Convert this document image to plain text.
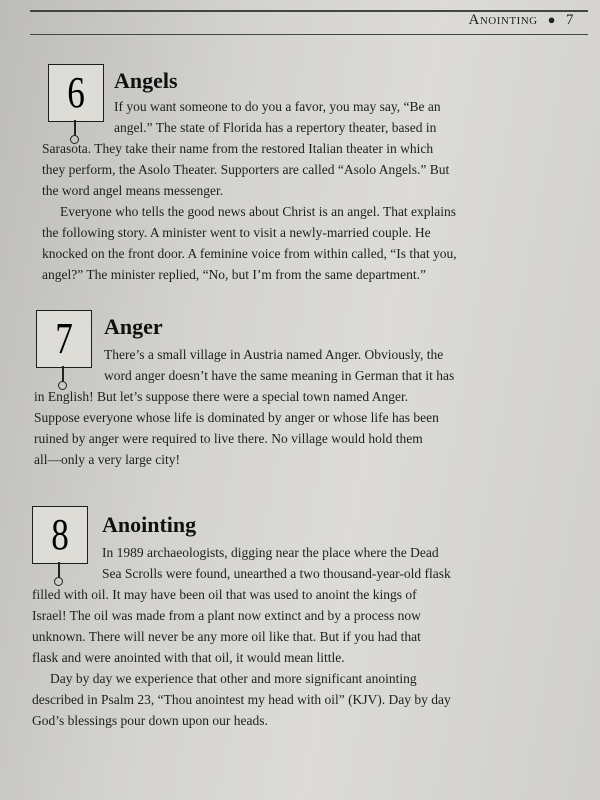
Anointing ● 7
6	Angels

If you want someone to do you a favor, you may say, “Be an

angel.” The state of Florida has a repertory theater, based in

Sarasota. They take their name from the restored Italian theater in which

they perform, the Asolo Theater. Supporters are called “Asolo Angels.” But

the word angel means messenger.

Everyone who tells the good news about Christ is an angel. That explains

the following story. A minister went to visit a newly-married couple. He

knocked on the front door. A feminine voice from within called, “Is that you,

angel?” The minister replied, “No, but I’m from the same department.”

7	Anger

There’s a small village in Austria named Anger. Obviously, the

word anger doesn’t have the same meaning in German that it has

in English! But let’s suppose there were a special town named Anger.

Suppose everyone whose life is dominated by anger or whose life has been

ruined by anger were required to live there. No village would hold them

all—only a very large city!

8	Anointing

In 1989 archaeologists, digging near the place where the Dead

Sea Scrolls were found, unearthed a two thousand-year-old flask

filled with oil. It may have been oil that was used to anoint the kings of

Israel! The oil was made from a plant now extinct and by a process now

unknown. There will never be any more oil like that. But if you had that

flask and were anointed with that oil, it would mean little.

Day by day we experience that other and more significant anointing

described in Psalm 23, “Thou anointest my head with oil” (KJV). Day by day

God’s blessings pour down upon our heads.
